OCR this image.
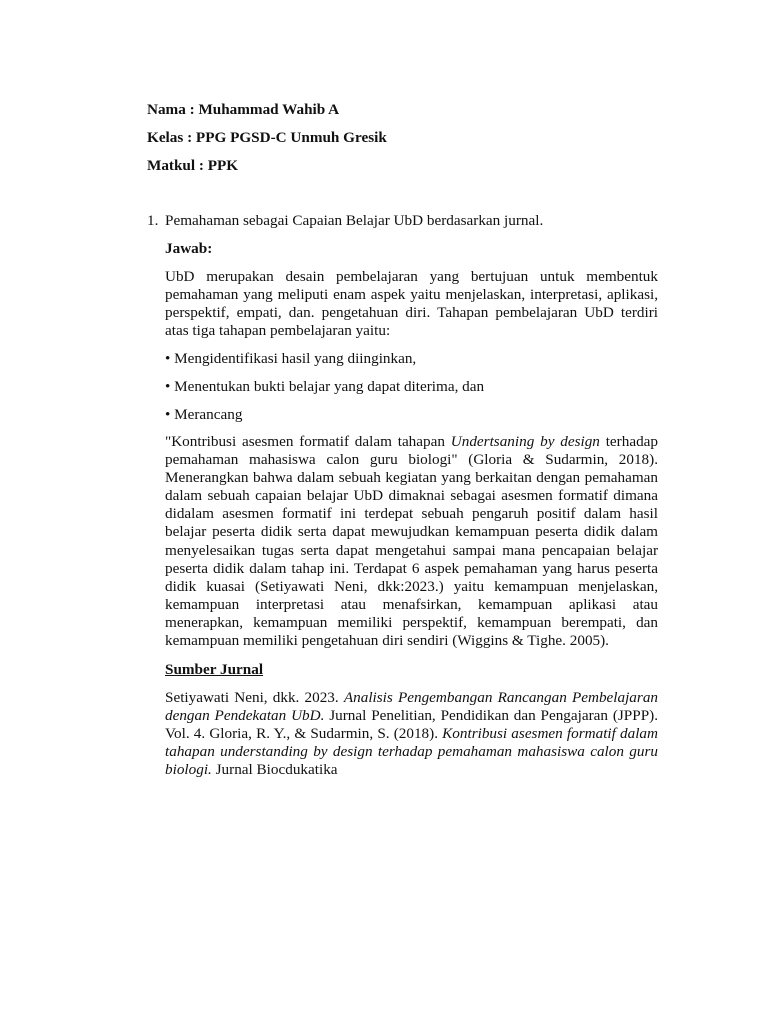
Nama : Muhammad Wahib A
Kelas : PPG PGSD-C Unmuh Gresik
Matkul : PPK
1. Pemahaman sebagai Capaian Belajar UbD berdasarkan jurnal.
Jawab:
UbD merupakan desain pembelajaran yang bertujuan untuk membentuk pemahaman yang meliputi enam aspek yaitu menjelaskan, interpretasi, aplikasi, perspektif, empati, dan. pengetahuan diri. Tahapan pembelajaran UbD terdiri atas tiga tahapan pembelajaran yaitu:
• Mengidentifikasi hasil yang diinginkan,
• Menentukan bukti belajar yang dapat diterima, dan
• Merancang
"Kontribusi asesmen formatif dalam tahapan Undertsaning by design terhadap pemahaman mahasiswa calon guru biologi" (Gloria & Sudarmin, 2018). Menerangkan bahwa dalam sebuah kegiatan yang berkaitan dengan pemahaman dalam sebuah capaian belajar UbD dimaknai sebagai asesmen formatif dimana didalam asesmen formatif ini terdepat sebuah pengaruh positif dalam hasil belajar peserta didik serta dapat mewujudkan kemampuan peserta didik dalam menyelesaikan tugas serta dapat mengetahui sampai mana pencapaian belajar peserta didik dalam tahap ini. Terdapat 6 aspek pemahaman yang harus peserta didik kuasai (Setiyawati Neni, dkk:2023.) yaitu kemampuan menjelaskan, kemampuan interpretasi atau menafsirkan, kemampuan aplikasi atau menerapkan, kemampuan memiliki perspektif, kemampuan berempati, dan kemampuan memiliki pengetahuan diri sendiri (Wiggins & Tighe. 2005).
Sumber Jurnal
Setiyawati Neni, dkk. 2023. Analisis Pengembangan Rancangan Pembelajaran dengan Pendekatan UbD. Jurnal Penelitian, Pendidikan dan Pengajaran (JPPP). Vol. 4. Gloria, R. Y., & Sudarmin, S. (2018). Kontribusi asesmen formatif dalam tahapan understanding by design terhadap pemahaman mahasiswa calon guru biologi. Jurnal Biocdukatika
